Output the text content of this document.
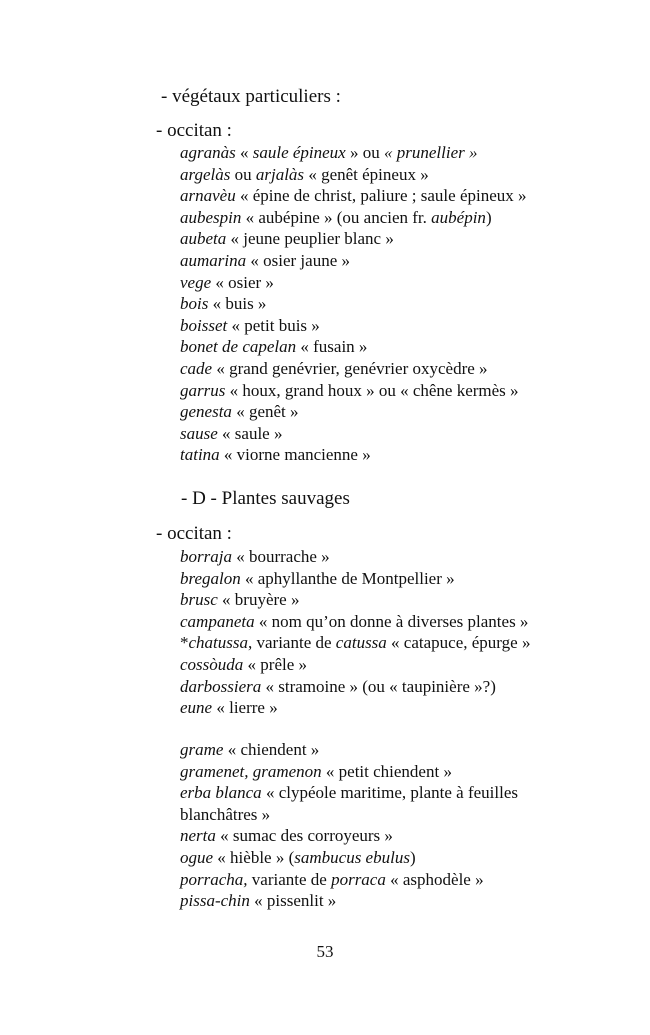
- végétaux particuliers :
- occitan :
agranàs « saule épineux » ou « prunellier »
argelàs ou arjalàs « genêt épineux »
arnavèu « épine de christ, paliure ; saule épineux »
aubespin « aubépine » (ou ancien fr. aubépin)
aubeta « jeune peuplier blanc »
aumarina « osier jaune »
vege « osier »
bois « buis »
boisset « petit buis »
bonet de capelan « fusain »
cade « grand genévrier, genévrier oxycèdre »
garrus « houx, grand houx » ou « chêne kermès »
genesta « genêt »
sause « saule »
tatina « viorne mancienne »
- D - Plantes sauvages
- occitan :
borraja « bourrache »
bregalon « aphyllanthe de Montpellier »
brusc « bruyère »
campaneta « nom qu’on donne à diverses plantes »
*chatussa, variante de catussa « catapuce, épurge »
cossòuda « prêle »
darbossiera « stramoine » (ou « taupinière »?)
eune « lierre »
grame « chiendent »
gramenet, gramenon « petit chiendent »
erba blanca « clypéole maritime, plante à feuilles blanchâtres »
nerta « sumac des corroyeurs »
ogue « hièble » (sambucus ebulus)
porracha, variante de porraca « asphodèle »
pissa-chin « pissenlit »
53
